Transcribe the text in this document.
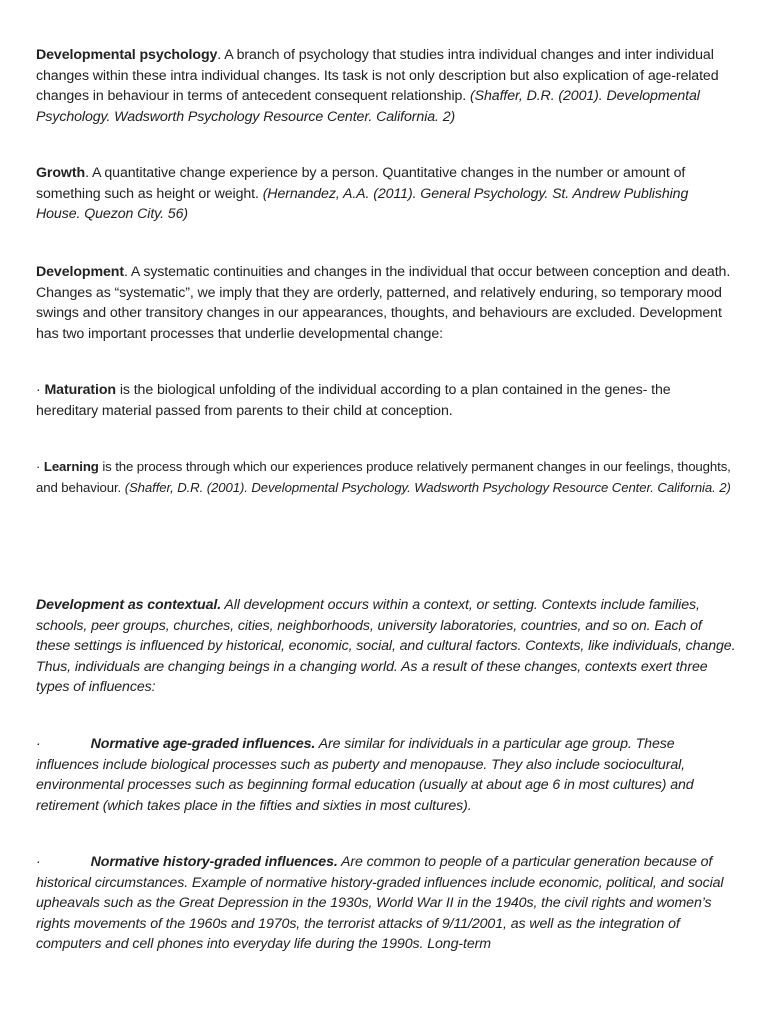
Developmental psychology. A branch of psychology that studies intra individual changes and inter individual changes within these intra individual changes. Its task is not only description but also explication of age-related changes in behaviour in terms of antecedent consequent relationship. (Shaffer, D.R. (2001). Developmental Psychology. Wadsworth Psychology Resource Center. California. 2)

Growth. A quantitative change experience by a person. Quantitative changes in the number or amount of something such as height or weight. (Hernandez, A.A. (2011). General Psychology. St. Andrew Publishing House. Quezon City. 56)

Development. A systematic continuities and changes in the individual that occur between conception and death. Changes as “systematic”, we imply that they are orderly, patterned, and relatively enduring, so temporary mood swings and other transitory changes in our appearances, thoughts, and behaviours are excluded. Development has two important processes that underlie developmental change:

· Maturation is the biological unfolding of the individual according to a plan contained in the genes- the hereditary material passed from parents to their child at conception.

· Learning is the process through which our experiences produce relatively permanent changes in our feelings, thoughts, and behaviour. (Shaffer, D.R. (2001). Developmental Psychology. Wadsworth Psychology Resource Center. California. 2)

Development as contextual. All development occurs within a context, or setting. Contexts include families, schools, peer groups, churches, cities, neighborhoods, university laboratories, countries, and so on. Each of these settings is influenced by historical, economic, social, and cultural factors. Contexts, like individuals, change. Thus, individuals are changing beings in a changing world. As a result of these changes, contexts exert three types of influences:

·	Normative age-graded influences. Are similar for individuals in a particular age group. These influences include biological processes such as puberty and menopause. They also include sociocultural, environmental processes such as beginning formal education (usually at about age 6 in most cultures) and retirement (which takes place in the fifties and sixties in most cultures).

·	Normative history-graded influences. Are common to people of a particular generation because of historical circumstances. Example of normative history-graded influences include economic, political, and social upheavals such as the Great Depression in the 1930s, World War II in the 1940s, the civil rights and women’s rights movements of the 1960s and 1970s, the terrorist attacks of 9/11/2001, as well as the integration of computers and cell phones into everyday life during the 1990s. Long-term
